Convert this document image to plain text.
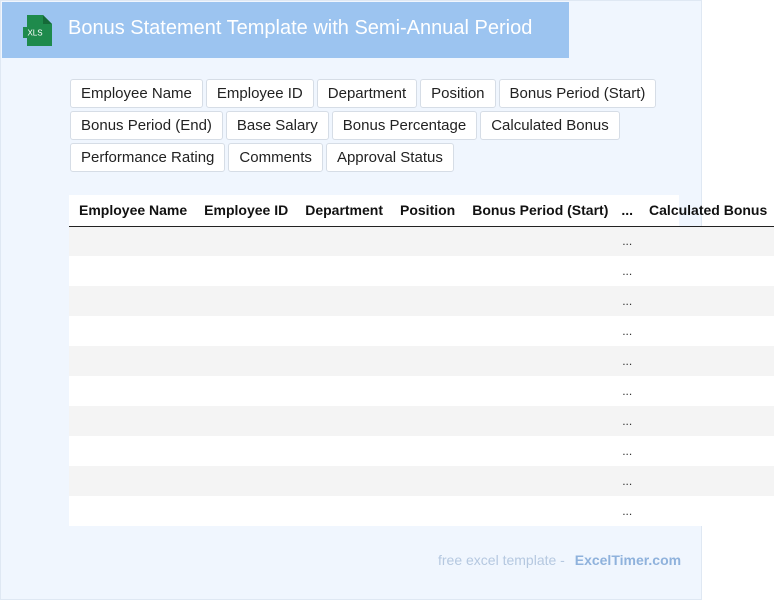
XLS Bonus Statement Template with Semi-Annual Period
Employee Name	Employee ID	Department	Position	Bonus Period (Start)
Bonus Period (End)	Base Salary	Bonus Percentage	Calculated Bonus
Performance Rating	Comments	Approval Status
Employee Name	Employee ID	Department	Position	Bonus Period (Start)	...	Calculated Bonus
					...	
					...	
					...	
					...	
					...	
					...	
					...	
					...	
					...	
					...	
free excel template - ExcelTimer.com
